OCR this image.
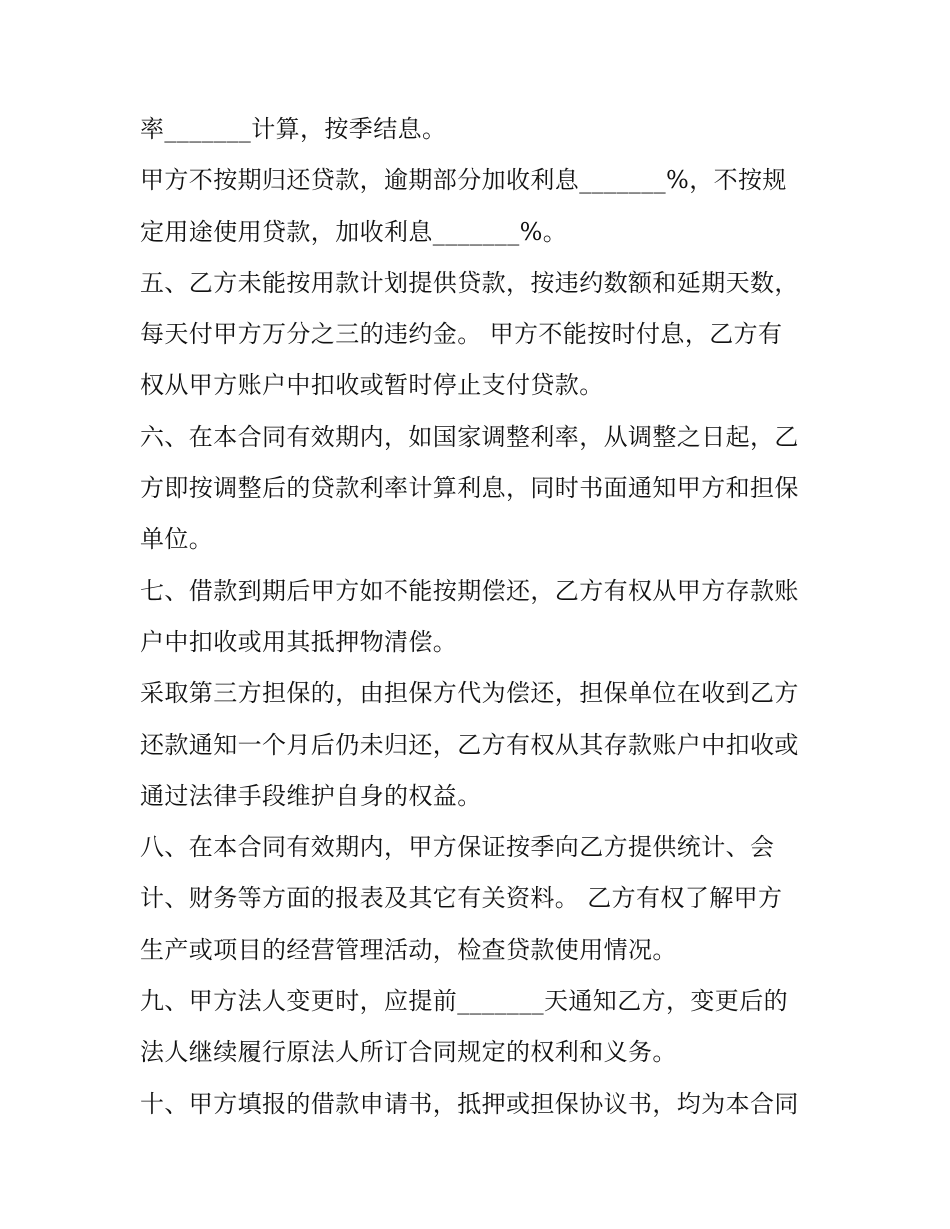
率_______计算，按季结息。
甲方不按期归还贷款，逾期部分加收利息_______%，不按规
定用途使用贷款，加收利息_______%。
五、乙方未能按用款计划提供贷款，按违约数额和延期天数，
每天付甲方万分之三的违约金。 甲方不能按时付息，乙方有
权从甲方账户中扣收或暂时停止支付贷款。
六、在本合同有效期内，如国家调整利率，从调整之日起，乙
方即按调整后的贷款利率计算利息，同时书面通知甲方和担保
单位。
七、借款到期后甲方如不能按期偿还，乙方有权从甲方存款账
户中扣收或用其抵押物清偿。
采取第三方担保的，由担保方代为偿还，担保单位在收到乙方
还款通知一个月后仍未归还，乙方有权从其存款账户中扣收或
通过法律手段维护自身的权益。
八、在本合同有效期内，甲方保证按季向乙方提供统计、会
计、财务等方面的报表及其它有关资料。 乙方有权了解甲方
生产或项目的经营管理活动，检查贷款使用情况。
九、甲方法人变更时，应提前_______天通知乙方，变更后的
法人继续履行原法人所订合同规定的权利和义务。
十、甲方填报的借款申请书，抵押或担保协议书，均为本合同
